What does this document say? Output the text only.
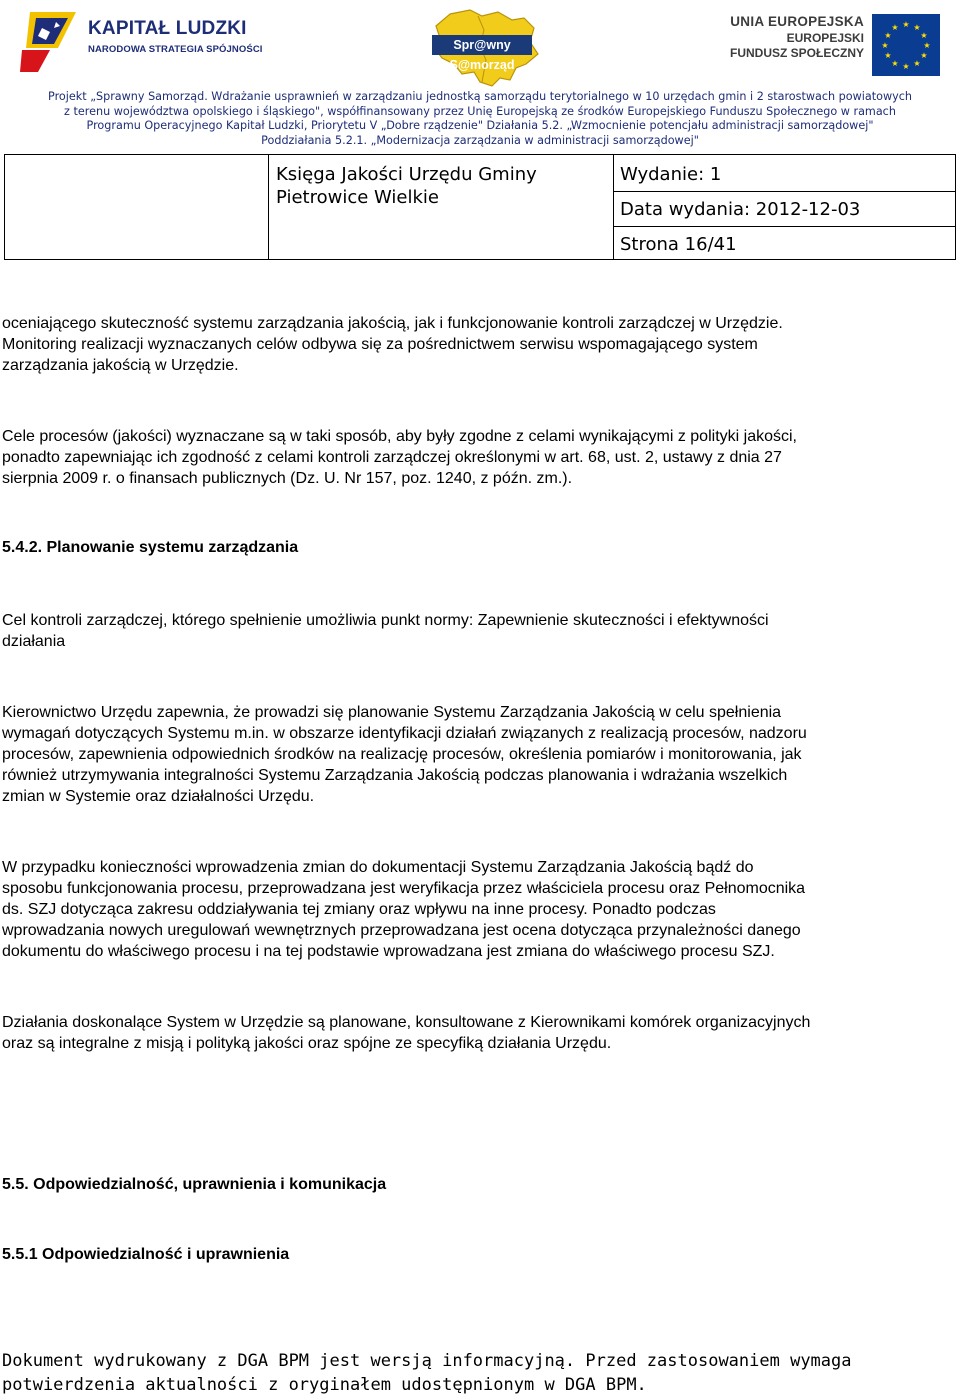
KAPITAŁ LUDZKI
NARODOWA STRATEGIA SPÓJNOŚCI	Spr@wny S@morząd
UNIA EUROPEJSKA
EUROPEJSKI
FUNDUSZ SPOŁECZNY
★ ★
★
★
★
★
★
★
★
★
★
★
Projekt „Sprawny Samorząd. Wdrażanie usprawnień w zarządzaniu jednostką samorządu terytorialnego w 10 urzędach gmin i 2 starostwach powiatowych
z terenu województwa opolskiego i śląskiego", współfinansowany przez Unię Europejską ze środków Europejskiego Funduszu Społecznego w ramach
Programu Operacyjnego Kapitał Ludzki, Priorytetu V „Dobre rządzenie" Działania 5.2. „Wzmocnienie potencjału administracji samorządowej"
Poddziałania 5.2.1. „Modernizacja zarządzania w administracji samorządowej"
Księga Jakości Urzędu Gminy
Pietrowice Wielkie
Wydanie: 1
Data wydania: 2012-12-03
Strona 16/41
oceniającego skuteczność systemu zarządzania jakością, jak i funkcjonowanie kontroli zarządczej w Urzędzie.
Monitoring realizacji wyznaczanych celów odbywa się za pośrednictwem serwisu wspomagającego system
zarządzania jakością w Urzędzie.
Cele procesów (jakości) wyznaczane są w taki sposób, aby były zgodne z celami wynikającymi z polityki jakości,
ponadto zapewniając ich zgodność z celami kontroli zarządczej określonymi w art. 68, ust. 2, ustawy z dnia 27
sierpnia 2009 r. o finansach publicznych (Dz. U. Nr 157, poz. 1240, z późn. zm.).
5.4.2. Planowanie systemu zarządzania
Cel kontroli zarządczej, którego spełnienie umożliwia punkt normy: Zapewnienie skuteczności i efektywności
działania
Kierownictwo Urzędu zapewnia, że prowadzi się planowanie Systemu Zarządzania Jakością w celu spełnienia
wymagań dotyczących Systemu m.in. w obszarze identyfikacji działań związanych z realizacją procesów, nadzoru
procesów, zapewnienia odpowiednich środków na realizację procesów, określenia pomiarów i monitorowania, jak
również utrzymywania integralności Systemu Zarządzania Jakością podczas planowania i wdrażania wszelkich
zmian w Systemie oraz działalności Urzędu.
W przypadku konieczności wprowadzenia zmian do dokumentacji Systemu Zarządzania Jakością bądź do
sposobu funkcjonowania procesu, przeprowadzana jest weryfikacja przez właściciela procesu oraz Pełnomocnika
ds. SZJ dotycząca zakresu oddziaływania tej zmiany oraz wpływu na inne procesy. Ponadto podczas
wprowadzania nowych uregulowań wewnętrznych przeprowadzana jest ocena dotycząca przynależności danego
dokumentu do właściwego procesu i na tej podstawie wprowadzana jest zmiana do właściwego procesu SZJ.
Działania doskonalące System w Urzędzie są planowane, konsultowane z Kierownikami komórek organizacyjnych
oraz są integralne z misją i polityką jakości oraz spójne ze specyfiką działania Urzędu.
5.5. Odpowiedzialność, uprawnienia i komunikacja
5.5.1 Odpowiedzialność i uprawnienia
Dokument wydrukowany z DGA BPM jest wersją informacyjną. Przed zastosowaniem wymaga
potwierdzenia aktualności z oryginałem udostępnionym w DGA BPM.
